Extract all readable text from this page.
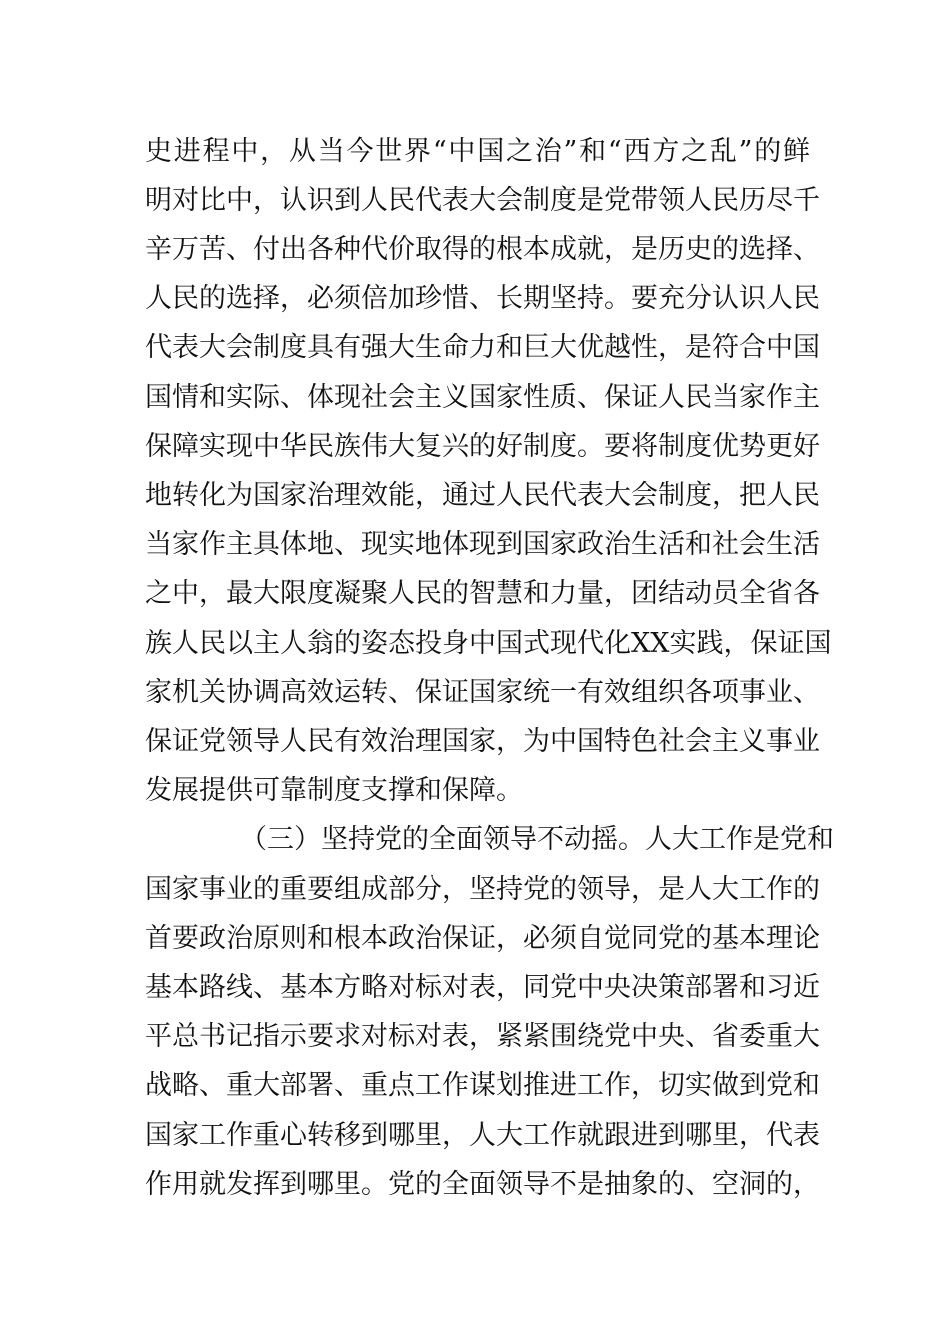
史进程中，从当今世界“中国之治”和“西方之乱”的鲜
明对比中，认识到人民代表大会制度是党带领人民历尽千
辛万苦、付出各种代价取得的根本成就，是历史的选择、
人民的选择，必须倍加珍惜、长期坚持。要充分认识人民
代表大会制度具有强大生命力和巨大优越性，是符合中国
国情和实际、体现社会主义国家性质、保证人民当家作主
保障实现中华民族伟大复兴的好制度。要将制度优势更好
地转化为国家治理效能，通过人民代表大会制度，把人民
当家作主具体地、现实地体现到国家政治生活和社会生活
之中，最大限度凝聚人民的智慧和力量，团结动员全省各
族人民以主人翁的姿态投身中国式现代化XX实践，保证国
家机关协调高效运转、保证国家统一有效组织各项事业、
保证党领导人民有效治理国家，为中国特色社会主义事业
发展提供可靠制度支撑和保障。
（三）坚持党的全面领导不动摇。人大工作是党和
国家事业的重要组成部分，坚持党的领导，是人大工作的
首要政治原则和根本政治保证，必须自觉同党的基本理论
基本路线、基本方略对标对表，同党中央决策部署和习近
平总书记指示要求对标对表，紧紧围绕党中央、省委重大
战略、重大部署、重点工作谋划推进工作，切实做到党和
国家工作重心转移到哪里，人大工作就跟进到哪里，代表
作用就发挥到哪里。党的全面领导不是抽象的、空洞的，
